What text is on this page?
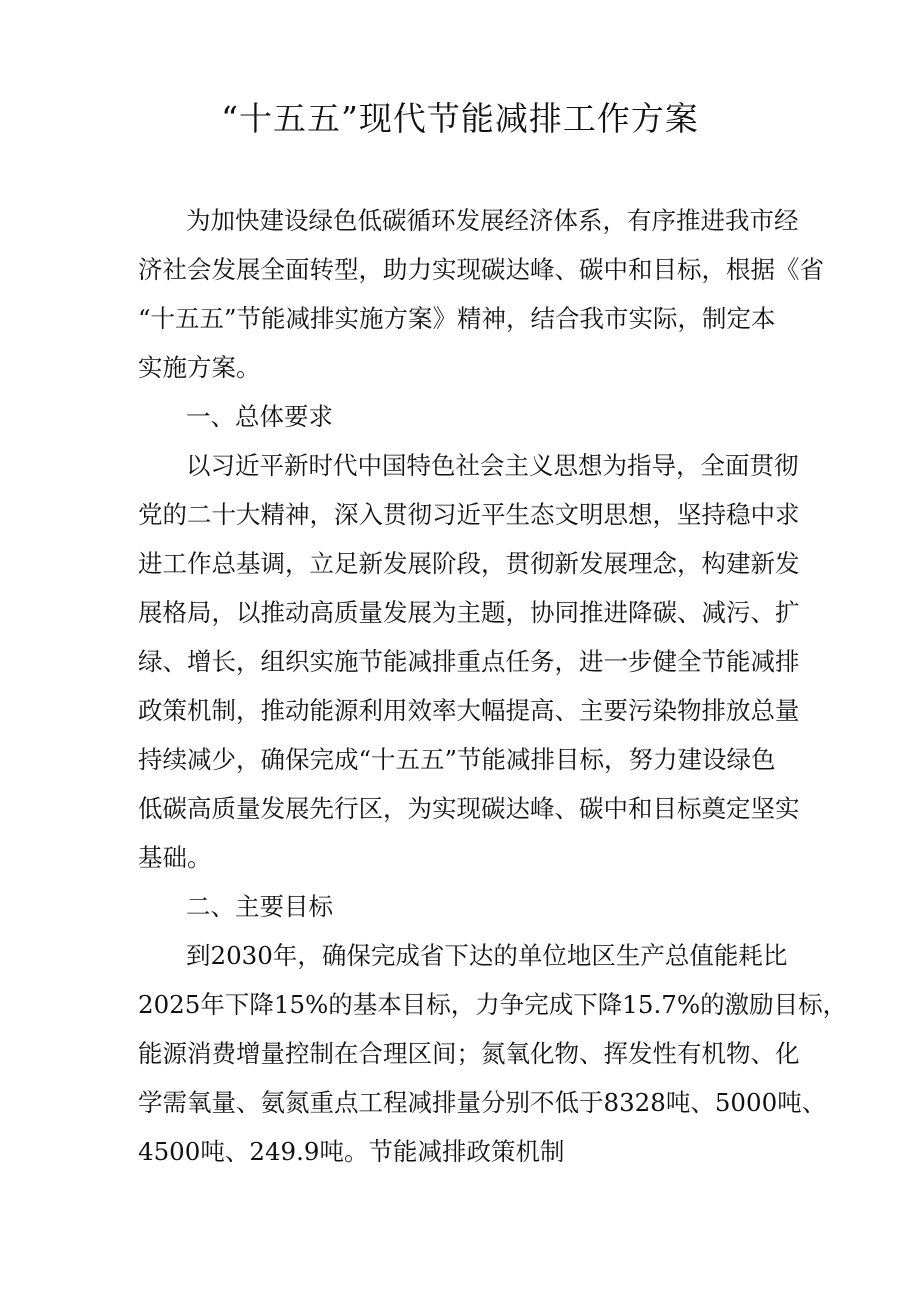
“十五五”现代节能减排工作方案
为加快建设绿色低碳循环发展经济体系，有序推进我市经
济社会发展全面转型，助力实现碳达峰、碳中和目标，根据《省
“十五五”节能减排实施方案》精神，结合我市实际，制定本
实施方案。
一、总体要求
以习近平新时代中国特色社会主义思想为指导，全面贯彻
党的二十大精神，深入贯彻习近平生态文明思想，坚持稳中求
进工作总基调，立足新发展阶段，贯彻新发展理念，构建新发
展格局，以推动高质量发展为主题，协同推进降碳、减污、扩
绿、增长，组织实施节能减排重点任务，进一步健全节能减排
政策机制，推动能源利用效率大幅提高、主要污染物排放总量
持续减少，确保完成“十五五”节能减排目标，努力建设绿色
低碳高质量发展先行区，为实现碳达峰、碳中和目标奠定坚实
基础。
二、主要目标
到2030年，确保完成省下达的单位地区生产总值能耗比
2025年下降15%的基本目标，力争完成下降15.7%的激励目标，
能源消费增量控制在合理区间；氮氧化物、挥发性有机物、化
学需氧量、氨氮重点工程减排量分别不低于8328吨、5000吨、
4500吨、249.9吨。节能减排政策机制
